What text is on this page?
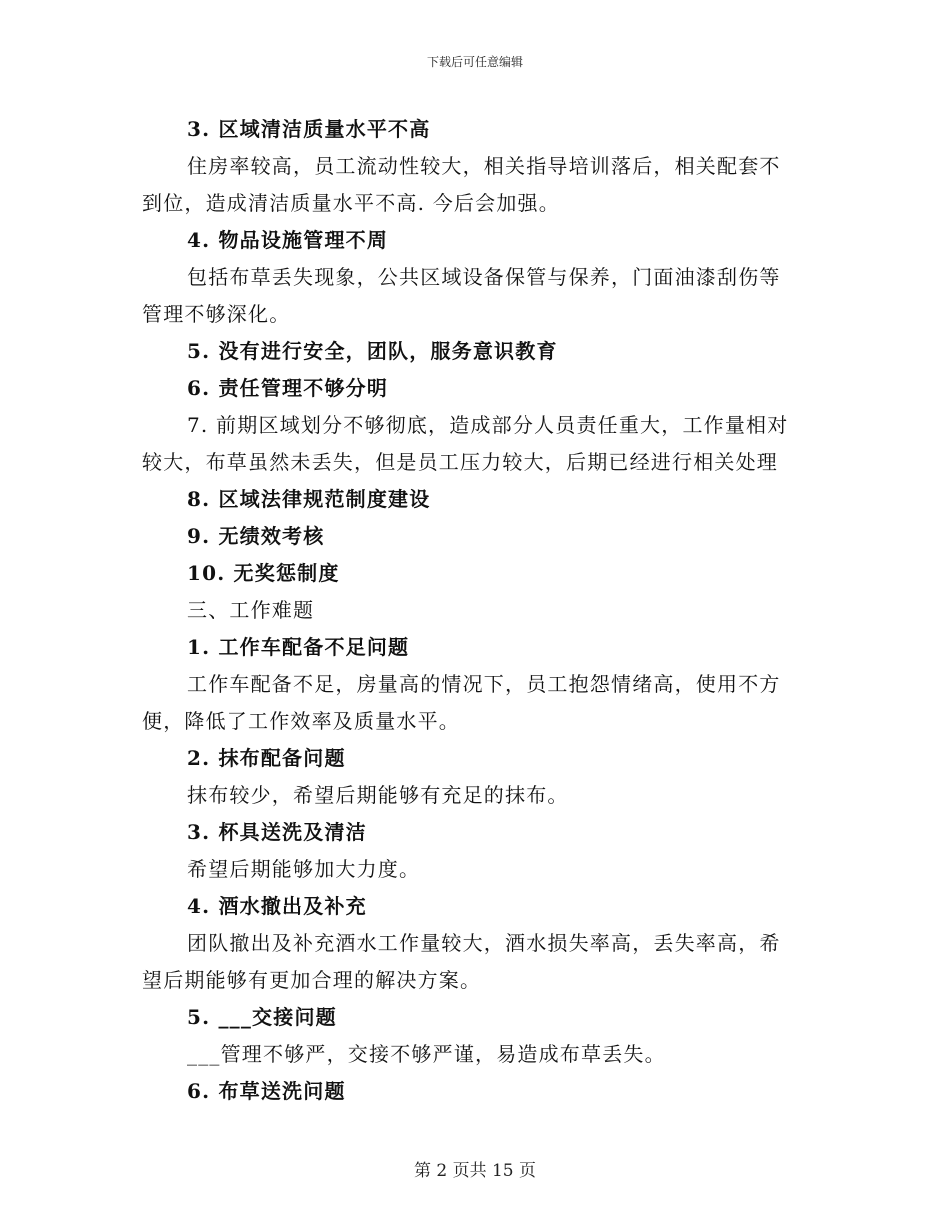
下载后可任意编辑
3. 区域清洁质量水平不高
住房率较高，员工流动性较大，相关指导培训落后，相关配套不
到位，造成清洁质量水平不高. 今后会加强。
4. 物品设施管理不周
包括布草丢失现象，公共区域设备保管与保养，门面油漆刮伤等
管理不够深化。
5. 没有进行安全，团队，服务意识教育
6. 责任管理不够分明
7. 前期区域划分不够彻底，造成部分人员责任重大，工作量相对
较大，布草虽然未丢失，但是员工压力较大，后期已经进行相关处理
8. 区域法律规范制度建设
9. 无绩效考核
10. 无奖惩制度
三、工作难题
1. 工作车配备不足问题
工作车配备不足，房量高的情况下，员工抱怨情绪高，使用不方
便，降低了工作效率及质量水平。
2. 抹布配备问题
抹布较少，希望后期能够有充足的抹布。
3. 杯具送洗及清洁
希望后期能够加大力度。
4. 酒水撤出及补充
团队撤出及补充酒水工作量较大，酒水损失率高，丢失率高，希
望后期能够有更加合理的解决方案。
5. ___交接问题
___管理不够严，交接不够严谨，易造成布草丢失。
6. 布草送洗问题
第 2 页共 15 页
